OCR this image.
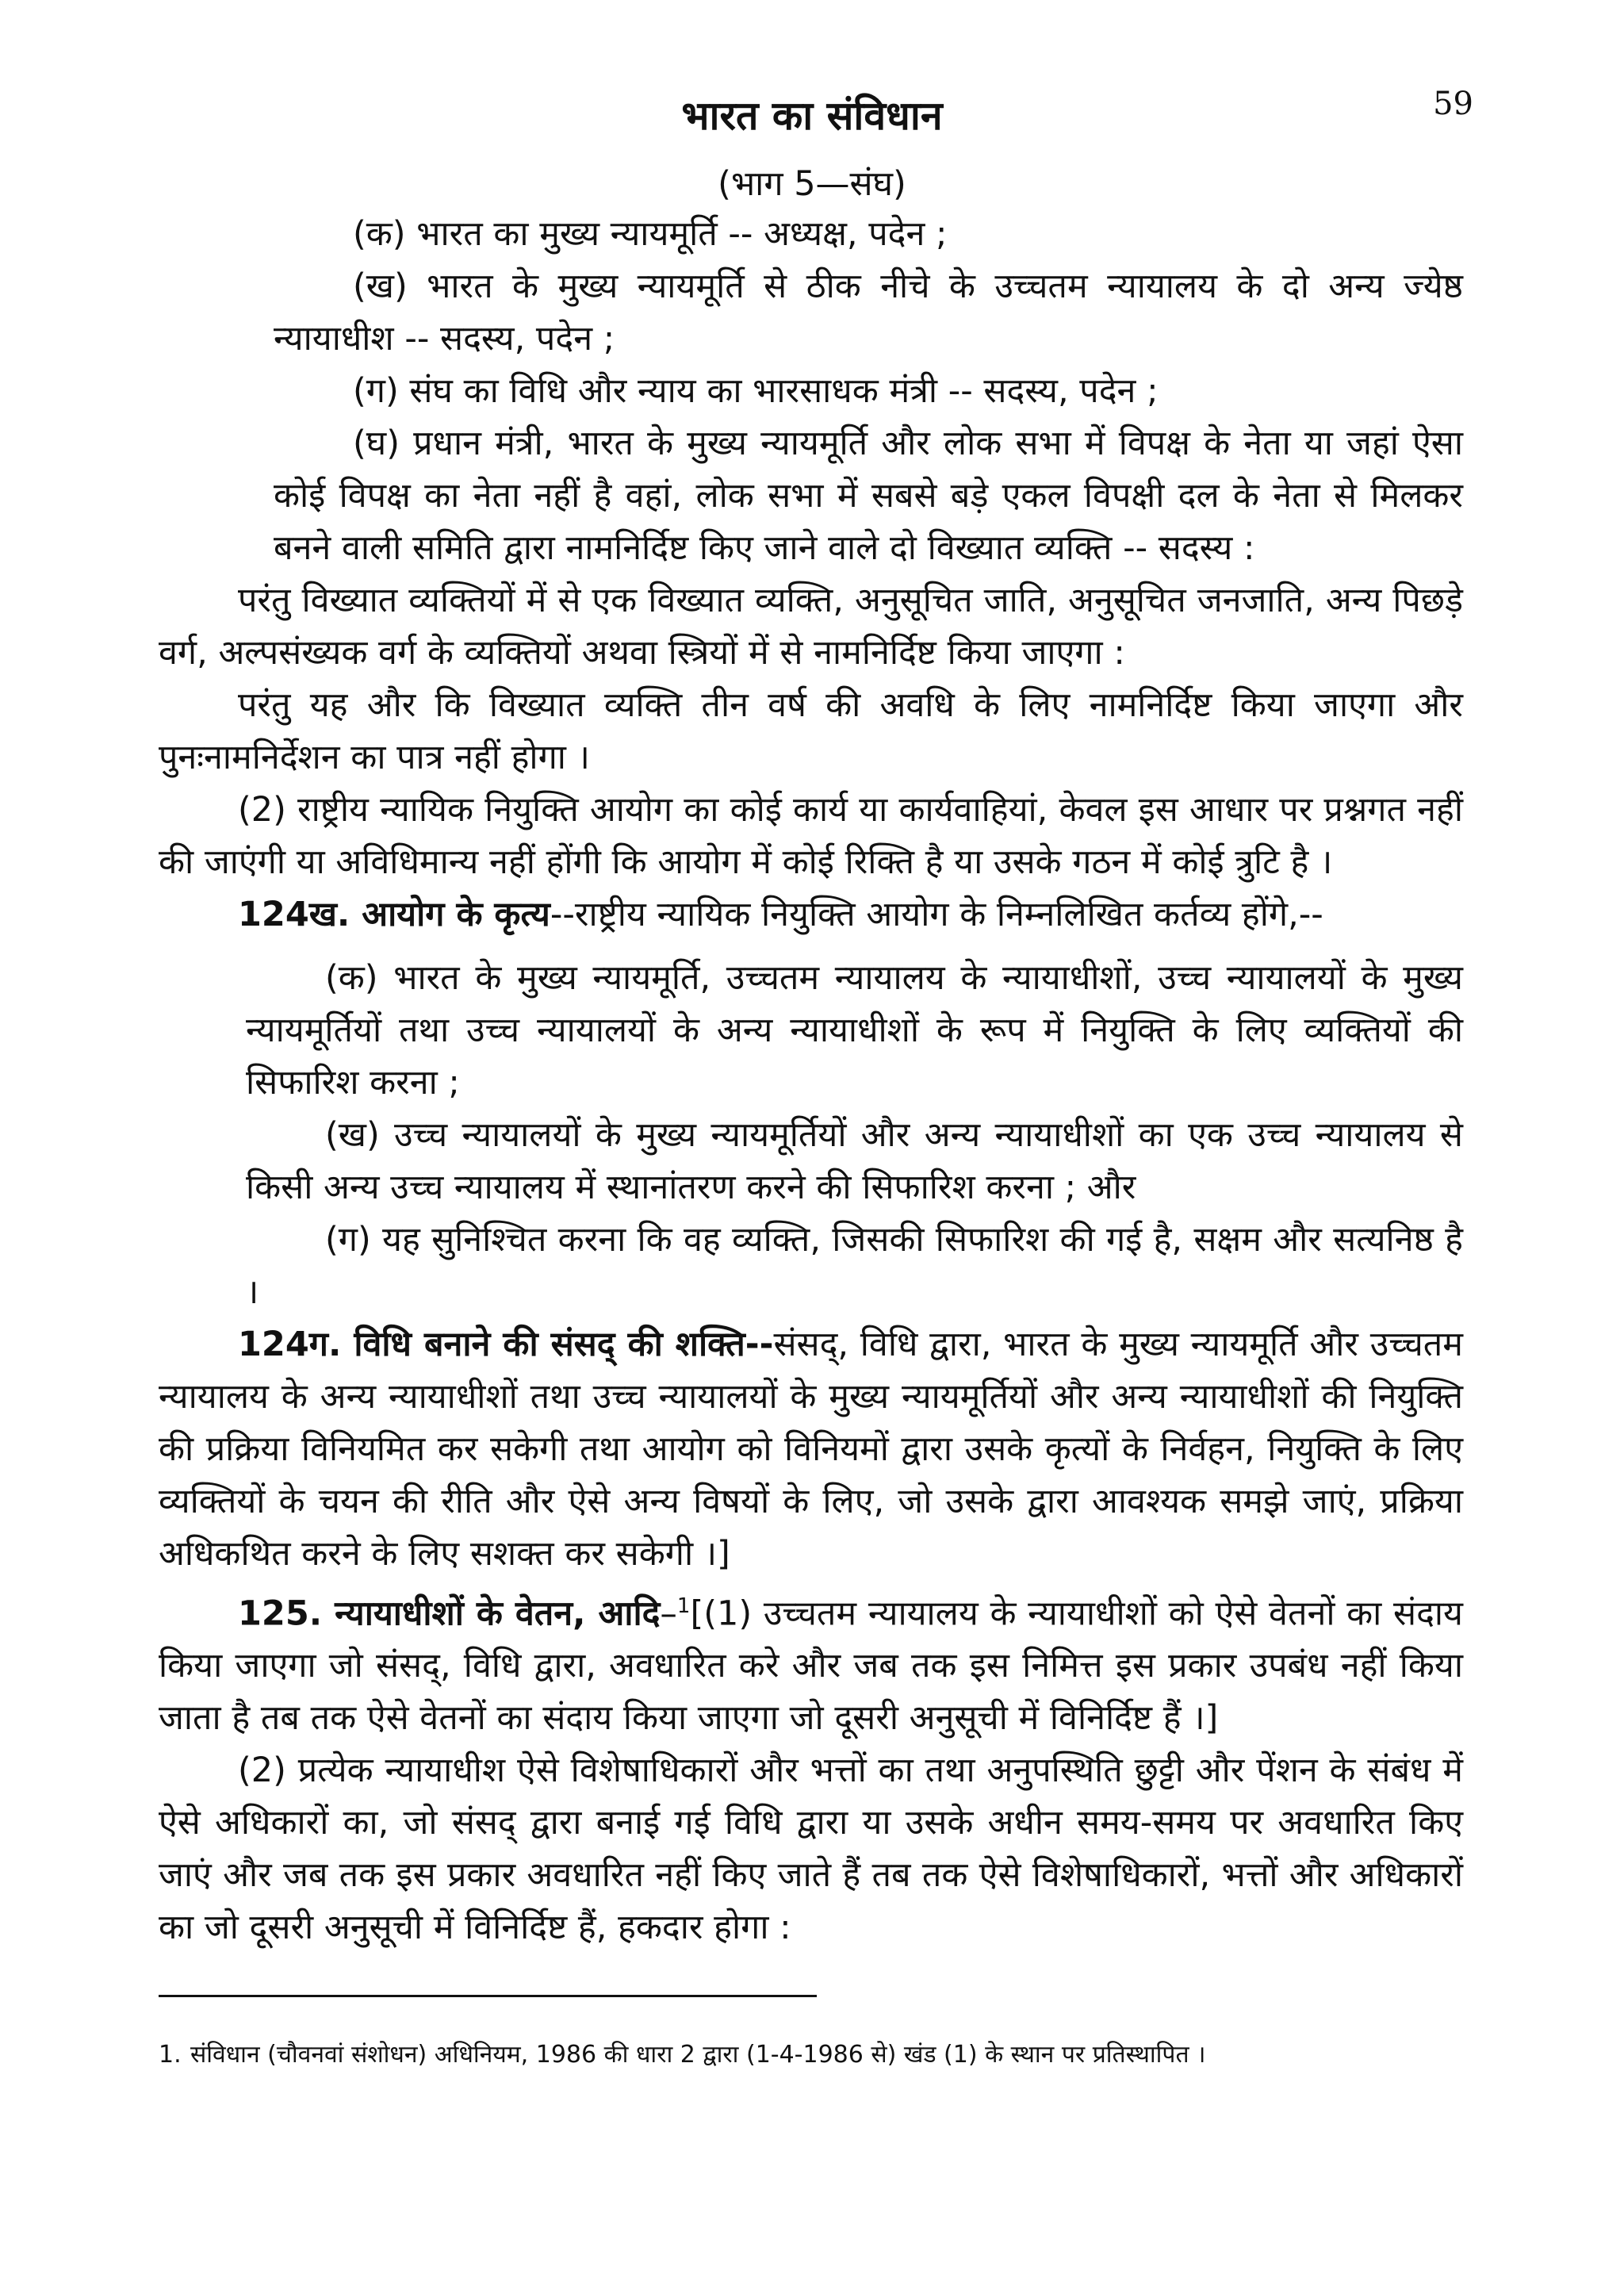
59
भारत का संविधान
(भाग 5—संघ)

(क) भारत का मुख्य न्यायमूर्ति -- अध्यक्ष, पदेन ;

(ख) भारत के मुख्य न्यायमूर्ति से ठीक नीचे के उच्चतम न्यायालय के दो अन्य ज्येष्ठ न्यायाधीश -- सदस्य, पदेन ;

(ग) संघ का विधि और न्याय का भारसाधक मंत्री -- सदस्य, पदेन ;

(घ) प्रधान मंत्री, भारत के मुख्य न्यायमूर्ति और लोक सभा में विपक्ष के नेता या जहां ऐसा कोई विपक्ष का नेता नहीं है वहां, लोक सभा में सबसे बड़े एकल विपक्षी दल के नेता से मिलकर बनने वाली समिति द्वारा नामनिर्दिष्ट किए जाने वाले दो विख्यात व्यक्ति -- सदस्य :

परंतु विख्यात व्यक्तियों में से एक विख्यात व्यक्ति, अनुसूचित जाति, अनुसूचित जनजाति, अन्य पिछड़े वर्ग, अल्पसंख्यक वर्ग के व्यक्तियों अथवा स्त्रियों में से नामनिर्दिष्ट किया जाएगा :

परंतु यह और कि विख्यात व्यक्ति तीन वर्ष की अवधि के लिए नामनिर्दिष्ट किया जाएगा और पुनःनामनिर्देशन का पात्र नहीं होगा ।

(2) राष्ट्रीय न्यायिक नियुक्ति आयोग का कोई कार्य या कार्यवाहियां, केवल इस आधार पर प्रश्नगत नहीं की जाएंगी या अविधिमान्य नहीं होंगी कि आयोग में कोई रिक्ति है या उसके गठन में कोई त्रुटि है ।

124ख. आयोग के कृत्य--राष्ट्रीय न्यायिक नियुक्ति आयोग के निम्नलिखित कर्तव्य होंगे,--

(क) भारत के मुख्य न्यायमूर्ति, उच्चतम न्यायालय के न्यायाधीशों, उच्च न्यायालयों के मुख्य न्यायमूर्तियों तथा उच्च न्यायालयों के अन्य न्यायाधीशों के रूप में नियुक्ति के लिए व्यक्तियों की सिफारिश करना ;

(ख) उच्च न्यायालयों के मुख्य न्यायमूर्तियों और अन्य न्यायाधीशों का एक उच्च न्यायालय से किसी अन्य उच्च न्यायालय में स्थानांतरण करने की सिफारिश करना ; और

(ग) यह सुनिश्चित करना कि वह व्यक्ति, जिसकी सिफारिश की गई है, सक्षम और सत्यनिष्ठ है ।

124ग. विधि बनाने की संसद् की शक्ति--संसद्, विधि द्वारा, भारत के मुख्य न्यायमूर्ति और उच्चतम न्यायालय के अन्य न्यायाधीशों तथा उच्च न्यायालयों के मुख्य न्यायमूर्तियों और अन्य न्यायाधीशों की नियुक्ति की प्रक्रिया विनियमित कर सकेगी तथा आयोग को विनियमों द्वारा उसके कृत्यों के निर्वहन, नियुक्ति के लिए व्यक्तियों के चयन की रीति और ऐसे अन्य विषयों के लिए, जो उसके द्वारा आवश्यक समझे जाएं, प्रक्रिया अधिकथित करने के लिए सशक्त कर सकेगी ।]

125. न्यायाधीशों के वेतन, आदि–$^1$[(1) उच्चतम न्यायालय के न्यायाधीशों को ऐसे वेतनों का संदाय किया जाएगा जो संसद्, विधि द्वारा, अवधारित करे और जब तक इस निमित्त इस प्रकार उपबंध नहीं किया जाता है तब तक ऐसे वेतनों का संदाय किया जाएगा जो दूसरी अनुसूची में विनिर्दिष्ट हैं ।]

(2) प्रत्येक न्यायाधीश ऐसे विशेषाधिकारों और भत्तों का तथा अनुपस्थिति छुट्टी और पेंशन के संबंध में ऐसे अधिकारों का, जो संसद् द्वारा बनाई गई विधि द्वारा या उसके अधीन समय-समय पर अवधारित किए जाएं और जब तक इस प्रकार अवधारित नहीं किए जाते हैं तब तक ऐसे विशेषाधिकारों, भत्तों और अधिकारों का जो दूसरी अनुसूची में विनिर्दिष्ट हैं, हकदार होगा :

1. संविधान (चौवनवां संशोधन) अधिनियम, 1986 की धारा 2 द्वारा (1-4-1986 से) खंड (1) के स्थान पर प्रतिस्थापित ।
